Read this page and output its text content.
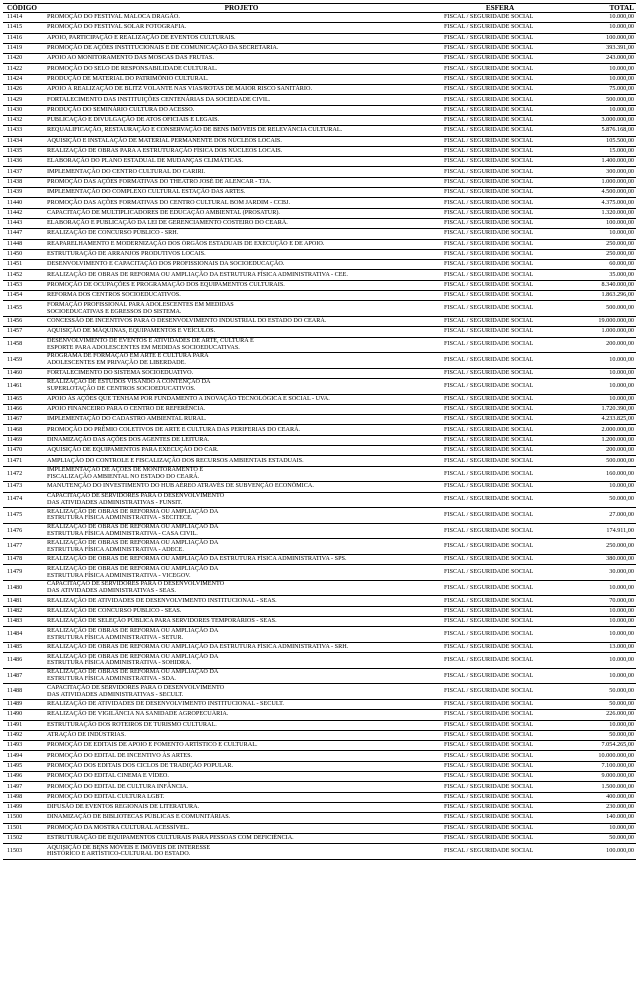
CÓDIGO	PROJETO	ESFERA	TOTAL
11414	PROMOÇÃO DO FESTIVAL MALOCA DRAGÃO.	FISCAL / SEGURIDADE SOCIAL	10.000,00
11415	PROMOÇÃO DO FESTIVAL SOLAR FOTOGRAFIA.	FISCAL / SEGURIDADE SOCIAL	10.000,00
11416	APOIO, PARTICIPAÇÃO E REALIZAÇÃO DE EVENTOS CULTURAIS.	FISCAL / SEGURIDADE SOCIAL	100.000,00
11419	PROMOÇÃO DE AÇÕES INSTITUCIONAIS E DE COMUNICAÇÃO DA SECRETARIA.	FISCAL / SEGURIDADE SOCIAL	393.391,00
11420	APOIO AO MONITORAMENTO DAS MOSCAS DAS FRUTAS.	FISCAL / SEGURIDADE SOCIAL	243.000,00
11422	PROMOÇÃO DO SELO DE RESPONSABILIDADE CULTURAL.	FISCAL / SEGURIDADE SOCIAL	10.000,00
11424	PRODUÇÃO DE MATERIAL DO PATRIMÔNIO CULTURAL.	FISCAL / SEGURIDADE SOCIAL	10.000,00
11426	APOIO À REALIZAÇÃO DE BLITZ VOLANTE NAS VIAS/ROTAS DE MAIOR RISCO SANITÁRIO.	FISCAL / SEGURIDADE SOCIAL	75.000,00
11429	FORTALECIMENTO DAS INSTITUIÇÕES CENTENÁRIAS DA SOCIEDADE CIVIL.	FISCAL / SEGURIDADE SOCIAL	500.000,00
11430	PRODUÇÃO DO SEMINÁRIO CULTURA DO ACESSO.	FISCAL / SEGURIDADE SOCIAL	10.000,00
11432	PUBLICAÇÃO E DIVULGAÇÃO DE ATOS OFICIAIS E LEGAIS.	FISCAL / SEGURIDADE SOCIAL	3.000.000,00
11433	REQUALIFICAÇÃO, RESTAURAÇÃO E CONSERVAÇÃO DE BENS IMÓVEIS DE RELEVÂNCIA CULTURAL.	FISCAL / SEGURIDADE SOCIAL	5.876.168,00
11434	AQUISIÇÃO E INSTALAÇÃO DE MATERIAL PERMANENTE DOS NÚCLEOS LOCAIS.	FISCAL / SEGURIDADE SOCIAL	105.500,00
11435	REALIZAÇÃO DE OBRAS PARA A ESTRUTURAÇÃO FÍSICA DOS NÚCLEOS LOCAIS.	FISCAL / SEGURIDADE SOCIAL	15.000,00
11436	ELABORAÇÃO DO PLANO ESTADUAL DE MUDANÇAS CLIMÁTICAS.	FISCAL / SEGURIDADE SOCIAL	1.400.000,00
11437	IMPLEMENTAÇÃO DO CENTRO CULTURAL DO CARIRI.	FISCAL / SEGURIDADE SOCIAL	300.000,00
11438	PROMOÇÃO DAS AÇÕES FORMATIVAS DO THEATRO JOSÉ DE ALENCAR - TJA.	FISCAL / SEGURIDADE SOCIAL	1.000.000,00
11439	IMPLEMENTAÇÃO DO COMPLEXO CULTURAL ESTAÇÃO DAS ARTES.	FISCAL / SEGURIDADE SOCIAL	4.500.000,00
11440	PROMOÇÃO DAS AÇÕES FORMATIVAS DO CENTRO CULTURAL BOM JARDIM - CCBJ.	FISCAL / SEGURIDADE SOCIAL	4.375.000,00
11442	CAPACITAÇÃO DE MULTIPLICADORES DE EDUCAÇÃO AMBIENTAL (PROSATUR).	FISCAL / SEGURIDADE SOCIAL	1.320.000,00
11443	ELABORAÇÃO E PUBLICAÇÃO DA LEI DE GERENCIAMENTO COSTEIRO DO CEARÁ.	FISCAL / SEGURIDADE SOCIAL	100.000,00
11447	REALIZAÇÃO DE CONCURSO PÚBLICO - SRH.	FISCAL / SEGURIDADE SOCIAL	10.000,00
11448	REAPARELHAMENTO E MODERNIZAÇÃO DOS ÓRGÃOS ESTADUAIS DE EXECUÇÃO E DE APOIO.	FISCAL / SEGURIDADE SOCIAL	250.000,00
11450	ESTRUTURAÇÃO DE ARRANJOS PRODUTIVOS LOCAIS.	FISCAL / SEGURIDADE SOCIAL	250.000,00
11451	DESENVOLVIMENTO E CAPACITAÇÃO DOS PROFISSIONAIS DA SOCIOEDUCAÇÃO.	FISCAL / SEGURIDADE SOCIAL	60.000,00
11452	REALIZAÇÃO DE OBRAS DE REFORMA OU AMPLIAÇÃO DA ESTRUTURA FÍSICA ADMINISTRATIVA - CEE.	FISCAL / SEGURIDADE SOCIAL	35.000,00
11453	PROMOÇÃO DE OCUPAÇÕES E PROGRAMAÇÃO DOS EQUIPAMENTOS CULTURAIS.	FISCAL / SEGURIDADE SOCIAL	8.340.000,00
11454	REFORMA DOS CENTROS SOCIOEDUCATIVOS.	FISCAL / SEGURIDADE SOCIAL	1.863.296,00
11455	FORMAÇÃO PROFISSIONAL PARA ADOLESCENTES EM MEDIDAS
SOCIOEDUCATIVAS E EGRESSOS DO SISTEMA.	FISCAL / SEGURIDADE SOCIAL	500.000,00
11456	CONCESSÃO DE INCENTIVOS PARA O DESENVOLVIMENTO INDUSTRIAL DO ESTADO DO CEARÁ.	FISCAL / SEGURIDADE SOCIAL	19.000.000,00
11457	AQUISIÇÃO DE MÁQUINAS, EQUIPAMENTOS E VEÍCULOS.	FISCAL / SEGURIDADE SOCIAL	1.000.000,00
11458	DESENVOLVIMENTO DE EVENTOS E ATIVIDADES DE ARTE, CULTURA E
ESPORTE PARA ADOLESCENTES EM MEDIDAS SOCIOEDUCATIVAS.	FISCAL / SEGURIDADE SOCIAL	200.000,00
11459	PROGRAMA DE FORMAÇÃO EM ARTE E CULTURA PARA
ADOLESCENTES EM PRIVAÇÃO DE LIBERDADE.	FISCAL / SEGURIDADE SOCIAL	10.000,00
11460	FORTALECIMENTO DO SISTEMA SOCIOEDUATIVO.	FISCAL / SEGURIDADE SOCIAL	10.000,00
11461	REALIZAÇÃO DE ESTUDOS VISANDO A CONTENÇÃO DA
SUPERLOTAÇÃO DE CENTROS SOCIOEDUCATIVOS.	FISCAL / SEGURIDADE SOCIAL	10.000,00
11465	APOIO ÀS AÇÕES QUE TENHAM POR FUNDAMENTO A INOVAÇÃO TECNOLÓGICA E SOCIAL - UVA.	FISCAL / SEGURIDADE SOCIAL	10.000,00
11466	APOIO FINANCEIRO PARA O CENTRO DE REFERÊNCIA.	FISCAL / SEGURIDADE SOCIAL	1.720.390,00
11467	IMPLEMENTAÇÃO DO CADASTRO AMBIENTAL RURAL.	FISCAL / SEGURIDADE SOCIAL	4.233.825,00
11468	PROMOÇÃO DO PRÊMIO COLETIVOS DE ARTE E CULTURA DAS PERIFERIAS DO CEARÁ.	FISCAL / SEGURIDADE SOCIAL	2.000.000,00
11469	DINAMIZAÇÃO DAS AÇÕES DOS AGENTES DE LEITURA.	FISCAL / SEGURIDADE SOCIAL	1.200.000,00
11470	AQUISIÇÃO DE EQUIPAMENTOS PARA EXECUÇÃO DO CAR.	FISCAL / SEGURIDADE SOCIAL	200.000,00
11471	AMPLIAÇÃO DO CONTROLE E FISCALIZAÇÃO DOS RECURSOS AMBIENTAIS ESTADUAIS.	FISCAL / SEGURIDADE SOCIAL	500.000,00
11472	IMPLEMENTAÇÃO DE AÇÕES DE MONITORAMENTO E
FISCALIZAÇÃO AMBIENTAL NO ESTADO DO CEARÁ.	FISCAL / SEGURIDADE SOCIAL	160.000,00
11473	MANUTENÇÃO DO INVESTIMENTO DO HUB AÉREO ATRAVÉS DE SUBVENÇÃO ECONÔMICA.	FISCAL / SEGURIDADE SOCIAL	10.000,00
11474	CAPACITAÇÃO DE SERVIDORES PARA O DESENVOLVIMENTO
DAS ATIVIDADES ADMINISTRATIVAS - FUNSIT.	FISCAL / SEGURIDADE SOCIAL	50.000,00
11475	REALIZAÇÃO DE OBRAS DE REFORMA OU AMPLIAÇÃO DA
ESTRUTURA FÍSICA ADMINISTRATIVA - SECITECE.	FISCAL / SEGURIDADE SOCIAL	27.000,00
11476	REALIZAÇÃO DE OBRAS DE REFORMA OU AMPLIAÇÃO DA
ESTRUTURA FÍSICA ADMINISTRATIVA - CASA CIVIL.	FISCAL / SEGURIDADE SOCIAL	174.911,00
11477	REALIZAÇÃO DE OBRAS DE REFORMA OU AMPLIAÇÃO DA
ESTRUTURA FÍSICA ADMINISTRATIVA - ADECE.	FISCAL / SEGURIDADE SOCIAL	250.000,00
11478	REALIZAÇÃO DE OBRAS DE REFORMA OU AMPLIAÇÃO DA ESTRUTURA FÍSICA ADMINISTRATIVA - SPS.	FISCAL / SEGURIDADE SOCIAL	380.000,00
11479	REALIZAÇÃO DE OBRAS DE REFORMA OU AMPLIAÇÃO DA
ESTRUTURA FÍSICA ADMINISTRATIVA - VICEGOV.	FISCAL / SEGURIDADE SOCIAL	30.000,00
11480	CAPACITAÇÃO DE SERVIDORES PARA O DESENVOLVIMENTO
DAS ATIVIDADES ADMINISTRATIVAS - SEAS.	FISCAL / SEGURIDADE SOCIAL	10.000,00
11481	REALIZAÇÃO DE ATIVIDADES DE DESENVOLVIMENTO INSTITUCIONAL - SEAS.	FISCAL / SEGURIDADE SOCIAL	70.000,00
11482	REALIZAÇÃO DE CONCURSO PÚBLICO - SEAS.	FISCAL / SEGURIDADE SOCIAL	10.000,00
11483	REALIZAÇÃO DE SELEÇÃO PÚBLICA PARA SERVIDORES TEMPORÁRIOS - SEAS.	FISCAL / SEGURIDADE SOCIAL	10.000,00
11484	REALIZAÇÃO DE OBRAS DE REFORMA OU AMPLIAÇÃO DA
ESTRUTURA FÍSICA ADMINISTRATIVA - SETUR.	FISCAL / SEGURIDADE SOCIAL	10.000,00
11485	REALIZAÇÃO DE OBRAS DE REFORMA OU AMPLIAÇÃO DA ESTRUTURA FÍSICA ADMINISTRATIVA - SRH.	FISCAL / SEGURIDADE SOCIAL	13.000,00
11486	REALIZAÇÃO DE OBRAS DE REFORMA OU AMPLIAÇÃO DA
ESTRUTURA FÍSICA ADMINISTRATIVA - SOHIDRA.	FISCAL / SEGURIDADE SOCIAL	10.000,00
11487	REALIZAÇÃO DE OBRAS DE REFORMA OU AMPLIAÇÃO DA
ESTRUTURA FÍSICA ADMINISTRATIVA - SDA.	FISCAL / SEGURIDADE SOCIAL	10.000,00
11488	CAPACITAÇÃO DE SERVIDORES PARA O DESENVOLVIMENTO
DAS ATIVIDADES ADMINISTRATIVAS - SECULT.	FISCAL / SEGURIDADE SOCIAL	50.000,00
11489	REALIZAÇÃO DE ATIVIDADES DE DESENVOLVIMENTO INSTITUCIONAL - SECULT.	FISCAL / SEGURIDADE SOCIAL	50.000,00
11490	REALIZAÇÃO DE VIGILÂNCIA NA SANIDADE AGROPECUÁRIA.	FISCAL / SEGURIDADE SOCIAL	226.000,00
11491	ESTRUTURAÇÃO DOS ROTEIROS DE TURISMO CULTURAL.	FISCAL / SEGURIDADE SOCIAL	10.000,00
11492	ATRAÇÃO DE INDÚSTRIAS.	FISCAL / SEGURIDADE SOCIAL	50.000,00
11493	PROMOÇÃO DE EDITAIS DE APOIO E FOMENTO ARTÍSTICO E CULTURAL.	FISCAL / SEGURIDADE SOCIAL	7.054.265,00
11494	PROMOÇÃO DO EDITAL DE INCENTIVO ÀS ARTES.	FISCAL / SEGURIDADE SOCIAL	10.000.000,00
11495	PROMOÇÃO DOS EDITAIS DOS CICLOS DE TRADIÇÃO POPULAR.	FISCAL / SEGURIDADE SOCIAL	7.100.000,00
11496	PROMOÇÃO DO EDITAL CINEMA E VÍDEO.	FISCAL / SEGURIDADE SOCIAL	9.000.000,00
11497	PROMOÇÃO DO EDITAL DE CULTURA INFÂNCIA.	FISCAL / SEGURIDADE SOCIAL	1.500.000,00
11498	PROMOÇÃO DO EDITAL CULTURA LGBT.	FISCAL / SEGURIDADE SOCIAL	400.000,00
11499	DIFUSÃO DE EVENTOS REGIONAIS DE LITERATURA.	FISCAL / SEGURIDADE SOCIAL	230.000,00
11500	DINAMIZAÇÃO DE BIBLIOTECAS PÚBLICAS E COMUNITÁRIAS.	FISCAL / SEGURIDADE SOCIAL	140.000,00
11501	PROMOÇÃO DA MOSTRA CULTURAL ACESSÍVEL.	FISCAL / SEGURIDADE SOCIAL	10.000,00
11502	ESTRUTURAÇÃO DE EQUIPAMENTOS CULTURAIS PARA PESSOAS COM DEFICIÊNCIA.	FISCAL / SEGURIDADE SOCIAL	50.000,00
11503	AQUISIÇÃO DE BENS MÓVEIS E IMÓVEIS DE INTERESSE
HISTÓRICO E ARTÍSTICO-CULTURAL DO ESTADO.	FISCAL / SEGURIDADE SOCIAL	100.000,00
